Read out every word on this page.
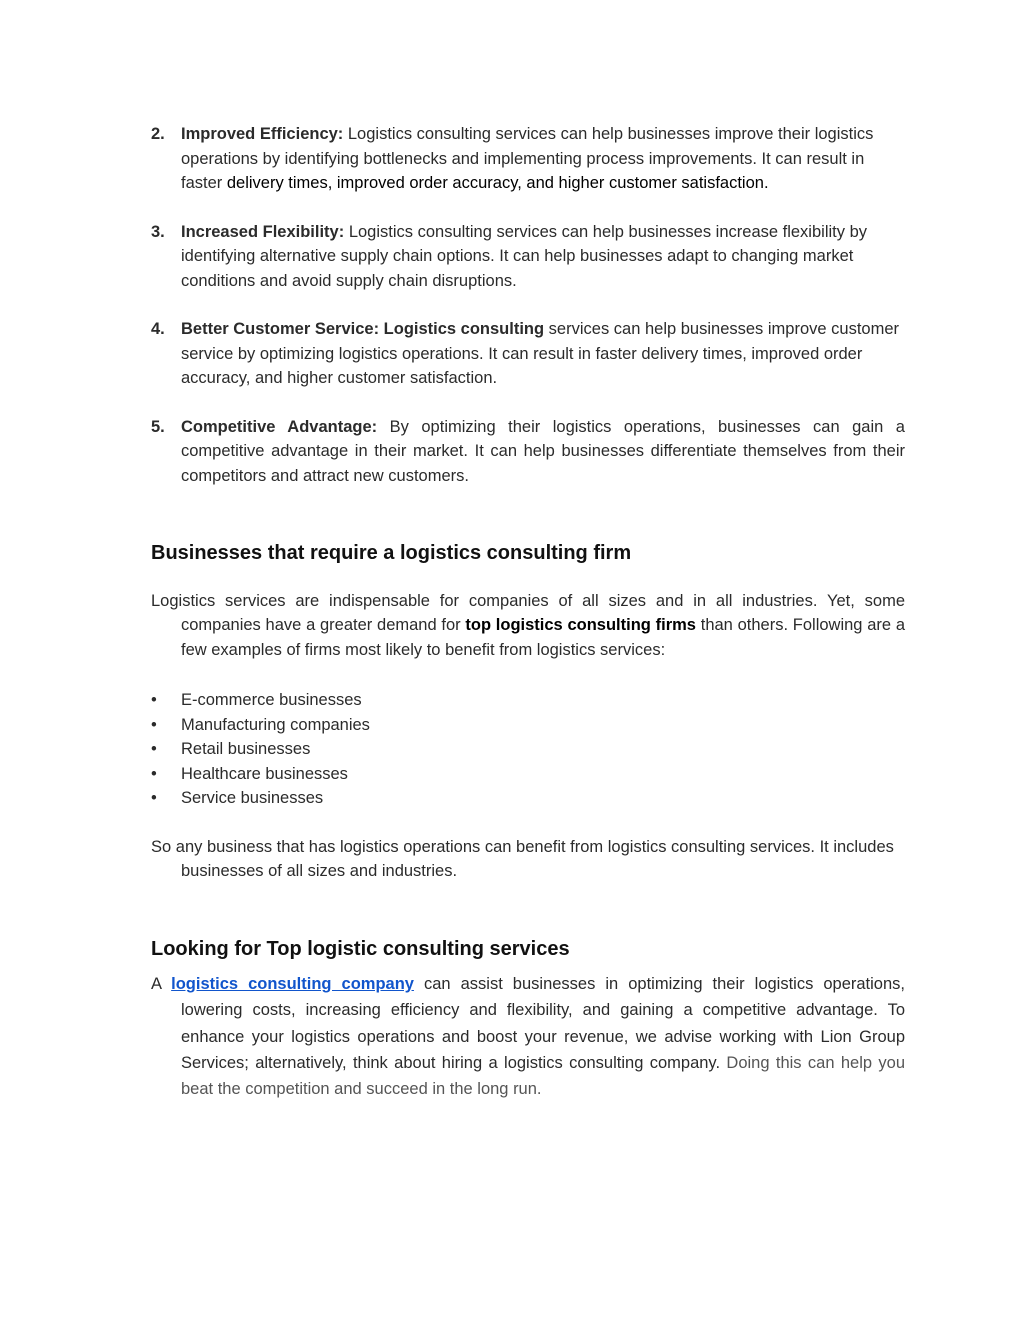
2. Improved Efficiency: Logistics consulting services can help businesses improve their logistics operations by identifying bottlenecks and implementing process improvements. It can result in faster delivery times, improved order accuracy, and higher customer satisfaction.
3. Increased Flexibility: Logistics consulting services can help businesses increase flexibility by identifying alternative supply chain options. It can help businesses adapt to changing market conditions and avoid supply chain disruptions.
4. Better Customer Service: Logistics consulting services can help businesses improve customer service by optimizing logistics operations. It can result in faster delivery times, improved order accuracy, and higher customer satisfaction.
5. Competitive Advantage: By optimizing their logistics operations, businesses can gain a competitive advantage in their market. It can help businesses differentiate themselves from their competitors and attract new customers.
Businesses that require a logistics consulting firm

Logistics services are indispensable for companies of all sizes and in all industries. Yet, some companies have a greater demand for top logistics consulting firms than others. Following are a few examples of firms most likely to benefit from logistics services:

• E-commerce businesses
• Manufacturing companies
• Retail businesses
• Healthcare businesses
• Service businesses

So any business that has logistics operations can benefit from logistics consulting services. It includes businesses of all sizes and industries.

Looking for Top logistic consulting services

A logistics consulting company can assist businesses in optimizing their logistics operations, lowering costs, increasing efficiency and flexibility, and gaining a competitive advantage. To enhance your logistics operations and boost your revenue, we advise working with Lion Group Services; alternatively, think about hiring a logistics consulting company. Doing this can help you beat the competition and succeed in the long run.
